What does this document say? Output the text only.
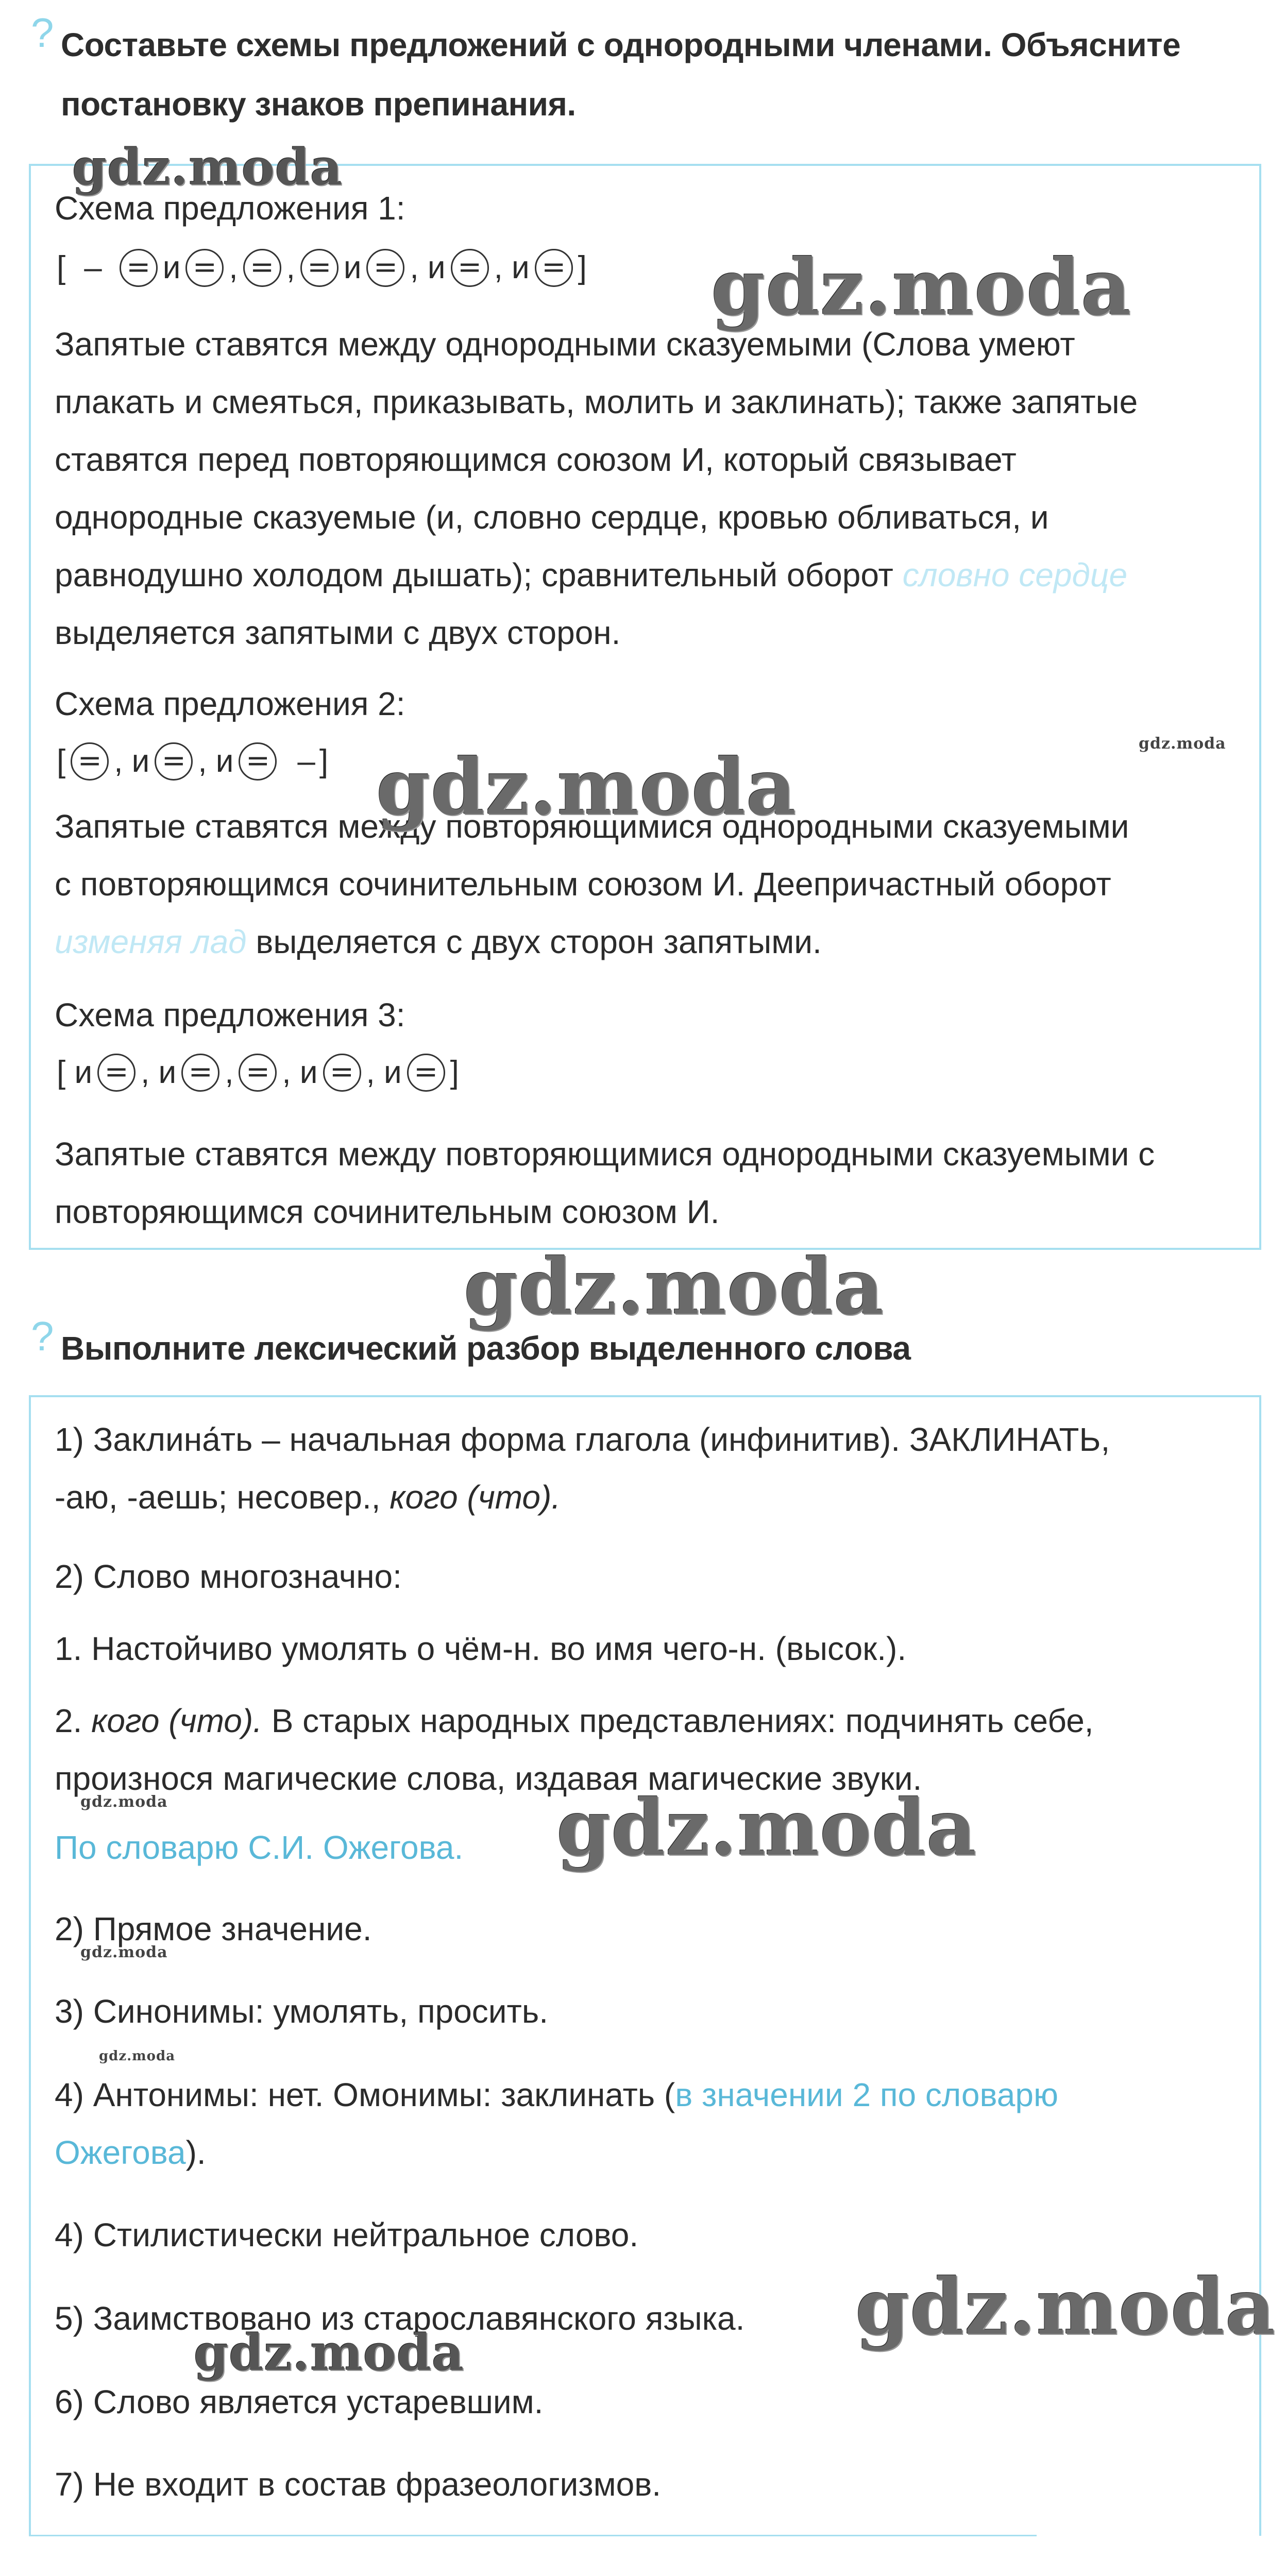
? Составьте схемы предложений с однородными членами. Объясните
постановку знаков препинания.
Схема предложения 1:
[ – = и = , = , = и = , и = , и = ]
Запятые ставятся между однородными сказуемыми (Слова умеют
плакать и смеяться, приказывать, молить и заклинать); также запятые
ставятся перед повторяющимся союзом И, который связывает
однородные сказуемые (и, словно сердце, кровью обливаться, и
равнодушно холодом дышать); сравнительный оборот словно сердце
выделяется запятыми с двух сторон.
Схема предложения 2:
[ = , и = , и = – ]
Запятые ставятся между повторяющимися однородными сказуемыми
с повторяющимся сочинительным союзом И. Деепричастный оборот
изменяя лад выделяется с двух сторон запятыми.
Схема предложения 3:
[ и = , и = , = , и = , и = ]
Запятые ставятся между повторяющимися однородными сказуемыми с
повторяющимся сочинительным союзом И.
? Выполните лексический разбор выделенного слова
1) Заклина́ть – начальная форма глагола (инфинитив). ЗАКЛИНАТЬ,
-аю, -аешь; несовер., кого (что).
2) Слово многозначно:
1. Настойчиво умолять о чём-н. во имя чего-н. (высок.).
2. кого (что). В старых народных представлениях: подчинять себе,
произнося магические слова, издавая магические звуки.
По словарю С.И. Ожегова.
2) Прямое значение.
3) Синонимы: умолять, просить.
4) Антонимы: нет. Омонимы: заклинать (в значении 2 по словарю
Ожегова).
4) Стилистически нейтральное слово.
5) Заимствовано из старославянского языка.
6) Слово является устаревшим.
7) Не входит в состав фразеологизмов.
gdz.moda
gdz.moda
gdz.moda
gdz.moda
gdz.moda
gdz.moda	gdz.moda
gdz.moda
gdz.moda
gdz.moda
gdz.moda
